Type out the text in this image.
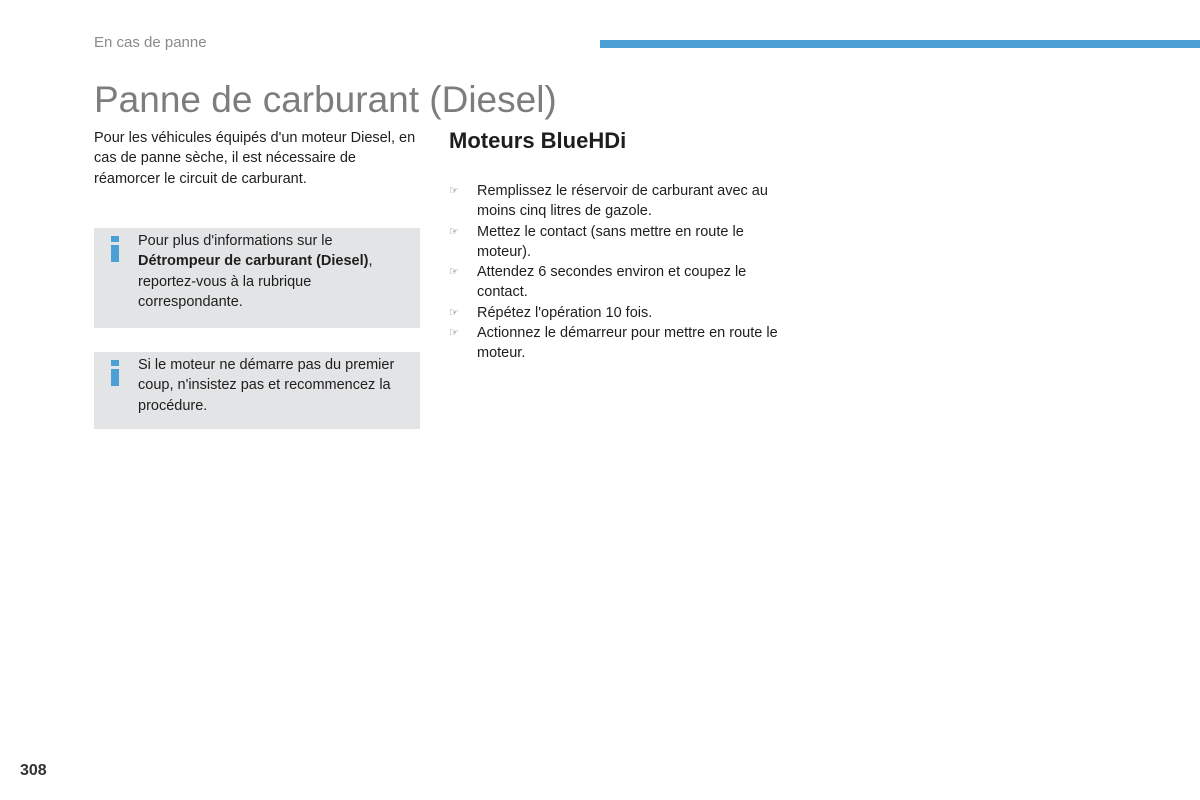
En cas de panne
Panne de carburant (Diesel)

Pour les véhicules équipés d'un moteur Diesel, en cas de panne sèche, il est nécessaire de réamorcer le circuit de carburant.

Pour plus d'informations sur le Détrompeur de carburant (Diesel), reportez-vous à la rubrique correspondante.

Si le moteur ne démarre pas du premier coup, n'insistez pas et recommencez la procédure.

Moteurs BlueHDi
☞ Remplissez le réservoir de carburant avec au moins cinq litres de gazole.
☞ Mettez le contact (sans mettre en route le moteur).
☞ Attendez 6 secondes environ et coupez le contact.
☞ Répétez l'opération 10 fois.
☞ Actionnez le démarreur pour mettre en route le moteur.
308
